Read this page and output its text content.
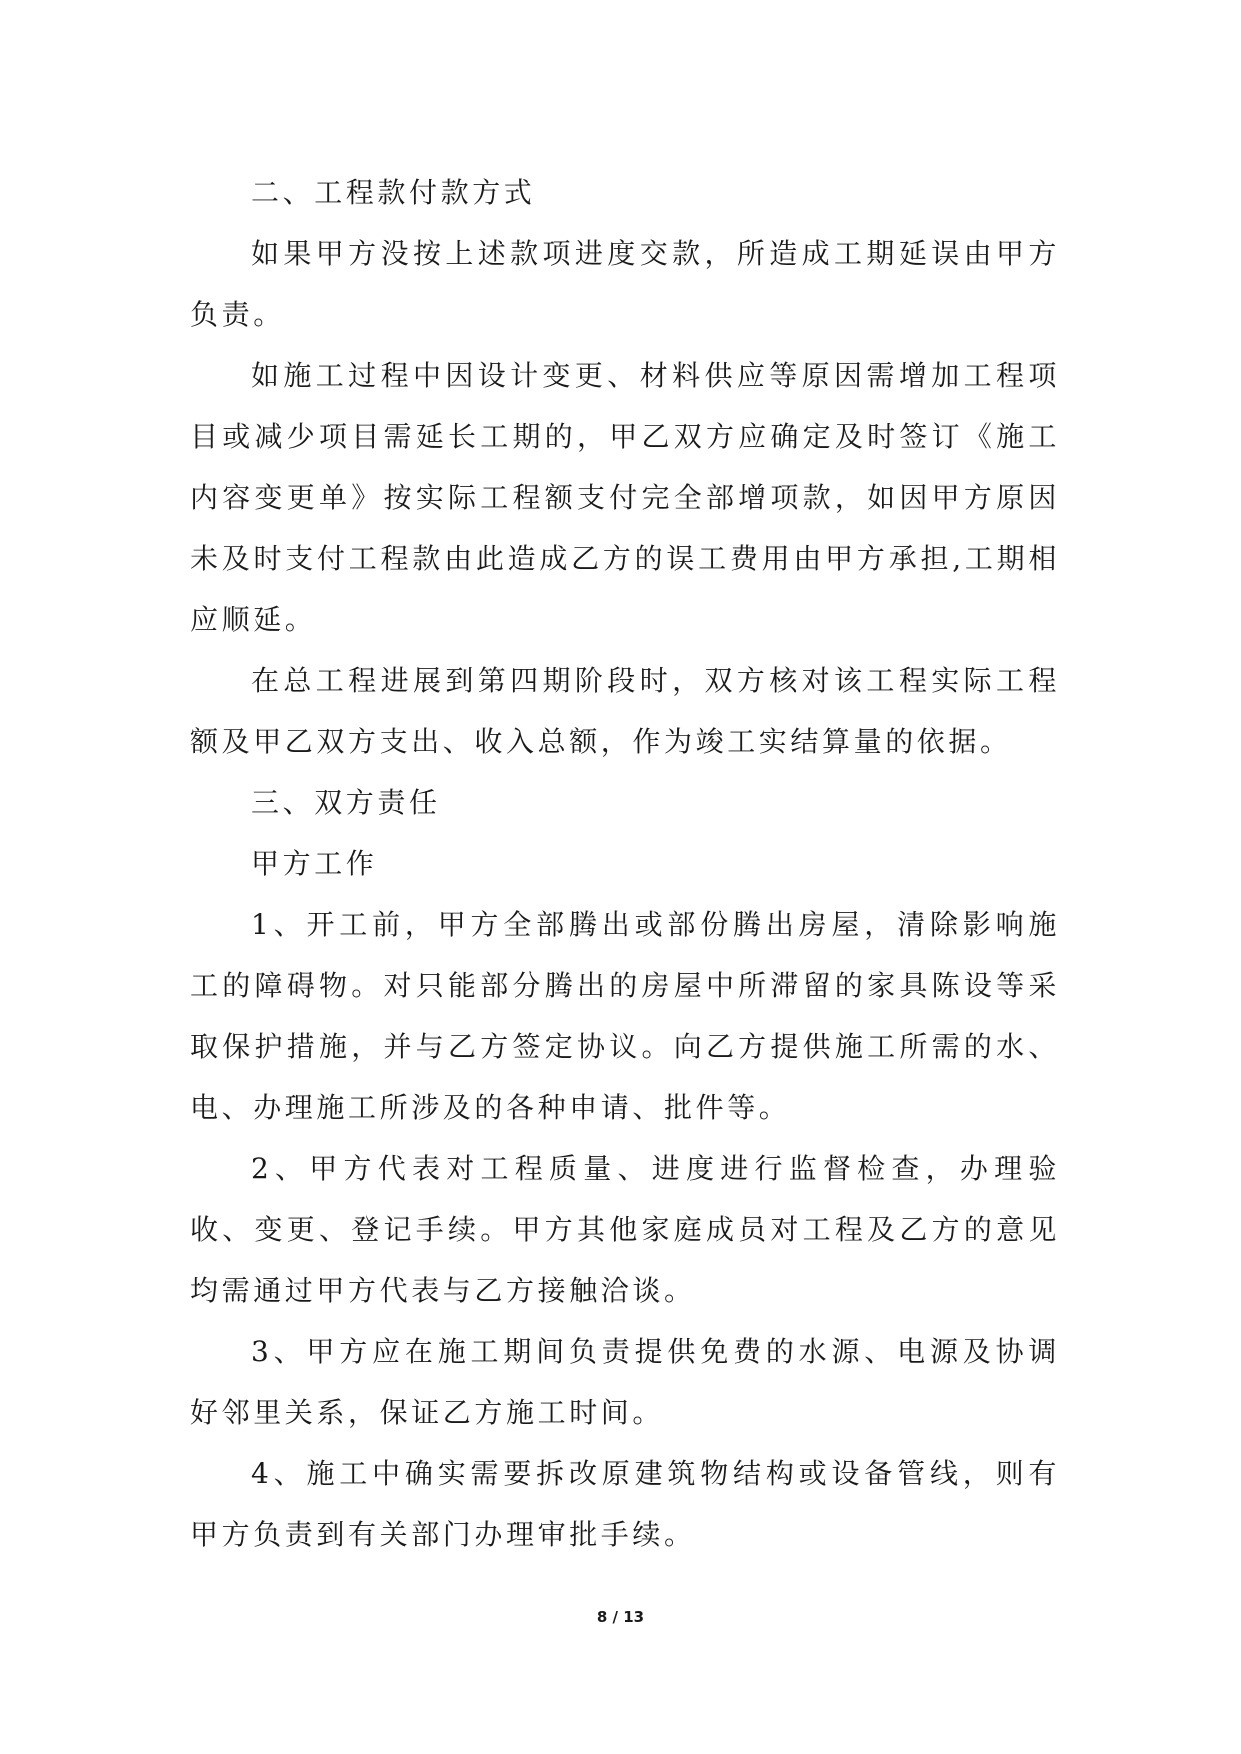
二、工程款付款方式

如果甲方没按上述款项进度交款，所造成工期延误由甲方负责。

如施工过程中因设计变更、材料供应等原因需增加工程项目或减少项目需延长工期的，甲乙双方应确定及时签订《施工内容变更单》按实际工程额支付完全部增项款，如因甲方原因未及时支付工程款由此造成乙方的误工费用由甲方承担,工期相应顺延。

在总工程进展到第四期阶段时，双方核对该工程实际工程额及甲乙双方支出、收入总额，作为竣工实结算量的依据。

三、双方责任

甲方工作

1、开工前，甲方全部腾出或部份腾出房屋，清除影响施工的障碍物。对只能部分腾出的房屋中所滞留的家具陈设等采取保护措施，并与乙方签定协议。向乙方提供施工所需的水、电、办理施工所涉及的各种申请、批件等。

2、甲方代表对工程质量、进度进行监督检查，办理验收、变更、登记手续。甲方其他家庭成员对工程及乙方的意见均需通过甲方代表与乙方接触洽谈。

3、甲方应在施工期间负责提供免费的水源、电源及协调好邻里关系，保证乙方施工时间。

4、施工中确实需要拆改原建筑物结构或设备管线，则有甲方负责到有关部门办理审批手续。

8 / 13
